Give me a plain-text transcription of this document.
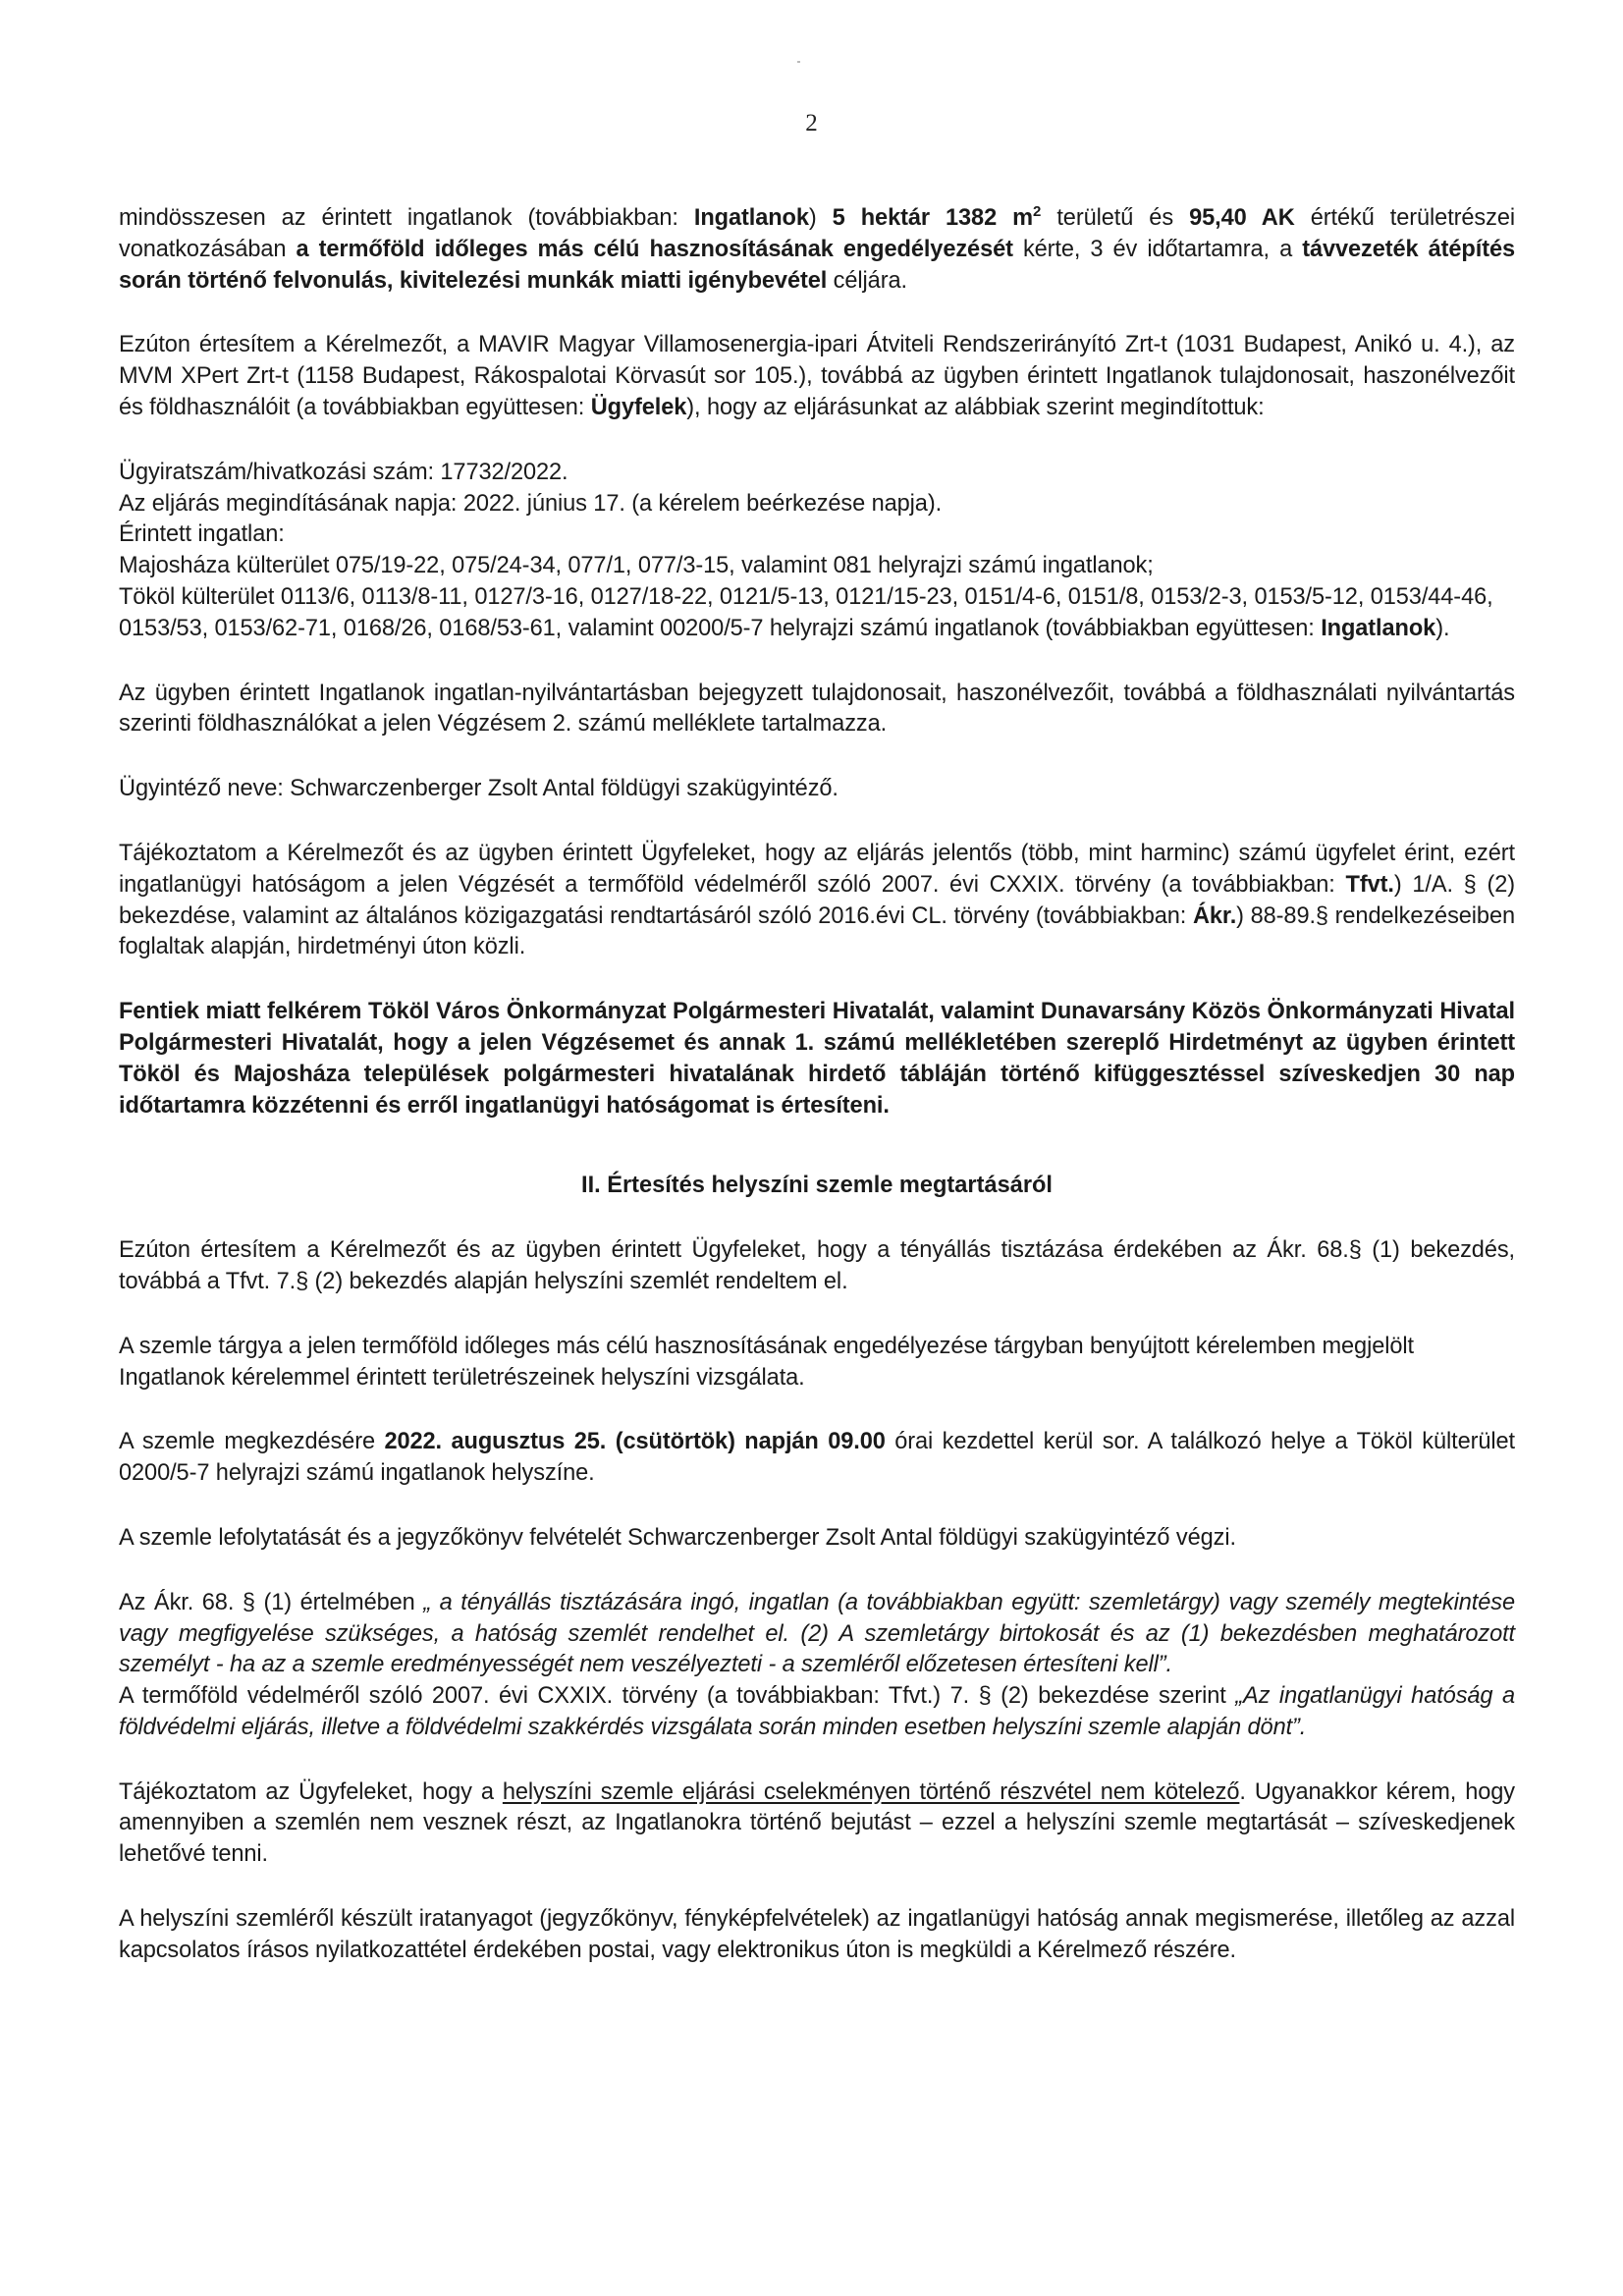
2

mindösszesen az érintett ingatlanok (továbbiakban: Ingatlanok) 5 hektár 1382 $m^2$ területű és 95,40 AK értékű területrészei vonatkozásában a termőföld időleges más célú hasznosításának engedélyezését kérte, 3 év időtartamra, a távvezeték átépítés során történő felvonulás, kivitelezési munkák miatti igénybevétel céljára.

Ezúton értesítem a Kérelmezőt, a MAVIR Magyar Villamosenergia-ipari Átviteli Rendszerirányító Zrt-t (1031 Budapest, Anikó u. 4.), az MVM XPert Zrt-t (1158 Budapest, Rákospalotai Körvasút sor 105.), továbbá az ügyben érintett Ingatlanok tulajdonosait, haszonélvezőit és földhasználóit (a továbbiakban együttesen: Ügyfelek), hogy az eljárásunkat az alábbiak szerint megindítottuk:

Ügyiratszám/hivatkozási szám: 17732/2022.

Az eljárás megindításának napja: 2022. június 17. (a kérelem beérkezése napja).

Érintett ingatlan:

Majosháza külterület 075/19-22, 075/24-34, 077/1, 077/3-15, valamint 081 helyrajzi számú ingatlanok;

Tököl külterület 0113/6, 0113/8-11, 0127/3-16, 0127/18-22, 0121/5-13, 0121/15-23, 0151/4-6, 0151/8, 0153/2-3, 0153/5-12, 0153/44-46, 0153/53, 0153/62-71, 0168/26, 0168/53-61, valamint 00200/5-7 helyrajzi számú ingatlanok (továbbiakban együttesen: Ingatlanok).

Az ügyben érintett Ingatlanok ingatlan-nyilvántartásban bejegyzett tulajdonosait, haszonélvezőit, továbbá a földhasználati nyilvántartás szerinti földhasználókat a jelen Végzésem 2. számú melléklete tartalmazza.

Ügyintéző neve: Schwarczenberger Zsolt Antal földügyi szakügyintéző.

Tájékoztatom a Kérelmezőt és az ügyben érintett Ügyfeleket, hogy az eljárás jelentős (több, mint harminc) számú ügyfelet érint, ezért ingatlanügyi hatóságom a jelen Végzését a termőföld védelméről szóló 2007. évi CXXIX. törvény (a továbbiakban: Tfvt.) 1/A. § (2) bekezdése, valamint az általános közigazgatási rendtartásáról szóló 2016.évi CL. törvény (továbbiakban: Ákr.) 88-89.§ rendelkezéseiben foglaltak alapján, hirdetményi úton közli.

Fentiek miatt felkérem Tököl Város Önkormányzat Polgármesteri Hivatalát, valamint Dunavarsány Közös Önkormányzati Hivatal Polgármesteri Hivatalát, hogy a jelen Végzésemet és annak 1. számú mellékletében szereplő Hirdetményt az ügyben érintett Tököl és Majosháza települések polgármesteri hivatalának hirdető tábláján történő kifüggesztéssel szíveskedjen 30 nap időtartamra közzétenni és erről ingatlanügyi hatóságomat is értesíteni.

II. Értesítés helyszíni szemle megtartásáról

Ezúton értesítem a Kérelmezőt és az ügyben érintett Ügyfeleket, hogy a tényállás tisztázása érdekében az Ákr. 68.§ (1) bekezdés, továbbá a Tfvt. 7.§ (2) bekezdés alapján helyszíni szemlét rendeltem el.

A szemle tárgya a jelen termőföld időleges más célú hasznosításának engedélyezése tárgyban benyújtott kérelemben megjelölt Ingatlanok kérelemmel érintett területrészeinek helyszíni vizsgálata.

A szemle megkezdésére 2022. augusztus 25. (csütörtök) napján 09.00 órai kezdettel kerül sor. A találkozó helye a Tököl külterület 0200/5-7 helyrajzi számú ingatlanok helyszíne.

A szemle lefolytatását és a jegyzőkönyv felvételét Schwarczenberger Zsolt Antal földügyi szakügyintéző végzi.

Az Ákr. 68. § (1) értelmében „ a tényállás tisztázására ingó, ingatlan (a továbbiakban együtt: szemletárgy) vagy személy megtekintése vagy megfigyelése szükséges, a hatóság szemlét rendelhet el. (2) A szemletárgy birtokosát és az (1) bekezdésben meghatározott személyt - ha az a szemle eredményességét nem veszélyezteti - a szemléről előzetesen értesíteni kell”.

A termőföld védelméről szóló 2007. évi CXXIX. törvény (a továbbiakban: Tfvt.) 7. § (2) bekezdése szerint „Az ingatlanügyi hatóság a földvédelmi eljárás, illetve a földvédelmi szakkérdés vizsgálata során minden esetben helyszíni szemle alapján dönt”.

Tájékoztatom az Ügyfeleket, hogy a helyszíni szemle eljárási cselekményen történő részvétel nem kötelező. Ugyanakkor kérem, hogy amennyiben a szemlén nem vesznek részt, az Ingatlanokra történő bejutást – ezzel a helyszíni szemle megtartását – szíveskedjenek lehetővé tenni.

A helyszíni szemléről készült iratanyagot (jegyzőkönyv, fényképfelvételek) az ingatlanügyi hatóság annak megismerése, illetőleg az azzal kapcsolatos írásos nyilatkozattétel érdekében postai, vagy elektronikus úton is megküldi a Kérelmező részére.
